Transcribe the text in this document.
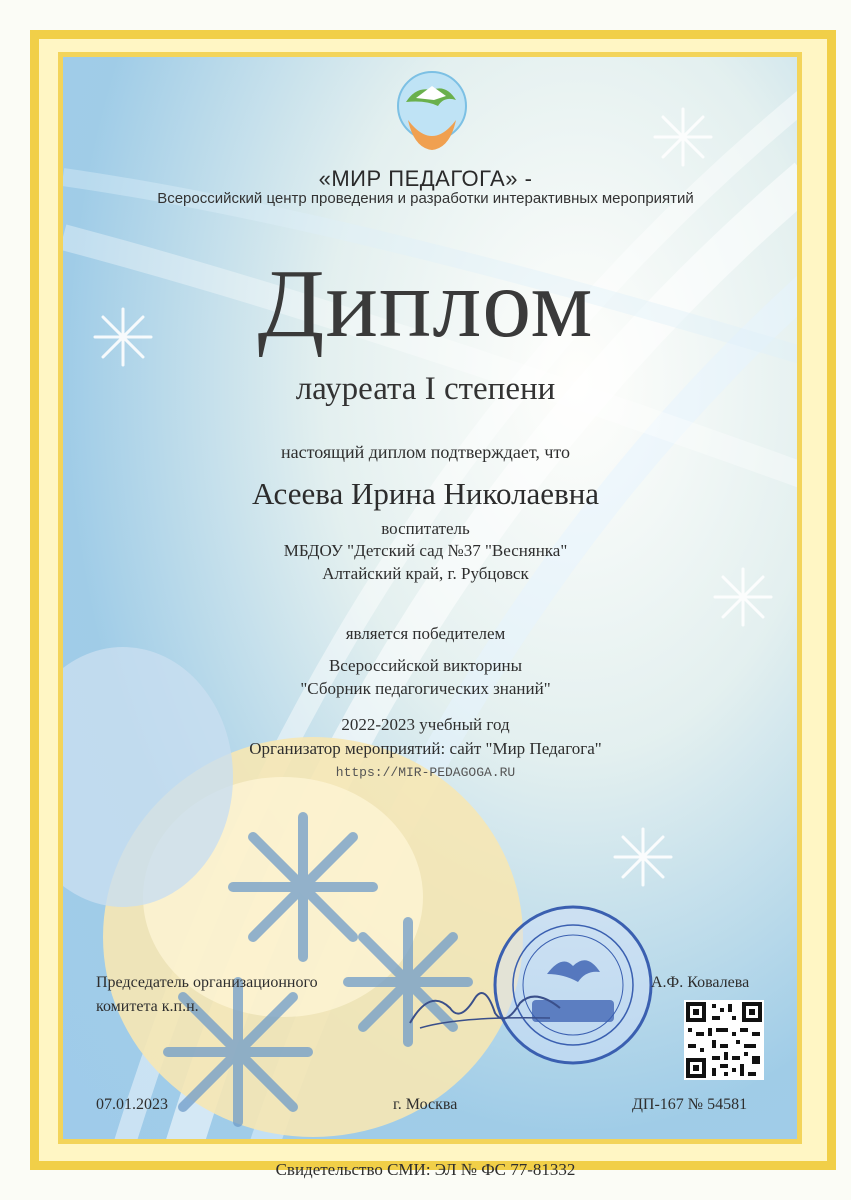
«МИР ПЕДАГОГА» -
Всероссийский центр проведения и разработки интерактивных мероприятий
Диплом
лауреата I степени
настоящий диплом подтверждает, что
Асеева Ирина Николаевна
воспитатель
МБДОУ "Детский сад №37 "Веснянка"
Алтайский край, г. Рубцовск
является победителем
Всероссийской викторины
"Сборник педагогических знаний"
2022-2023 учебный год
Организатор мероприятий: сайт "Мир Педагога"
https://MIR-PEDAGOGA.RU
Председатель организационного
комитета к.п.н.
А.Ф. Ковалева
07.01.2023	г. Москва	ДП-167 № 54581
Свидетельство СМИ: ЭЛ № ФС 77-81332
